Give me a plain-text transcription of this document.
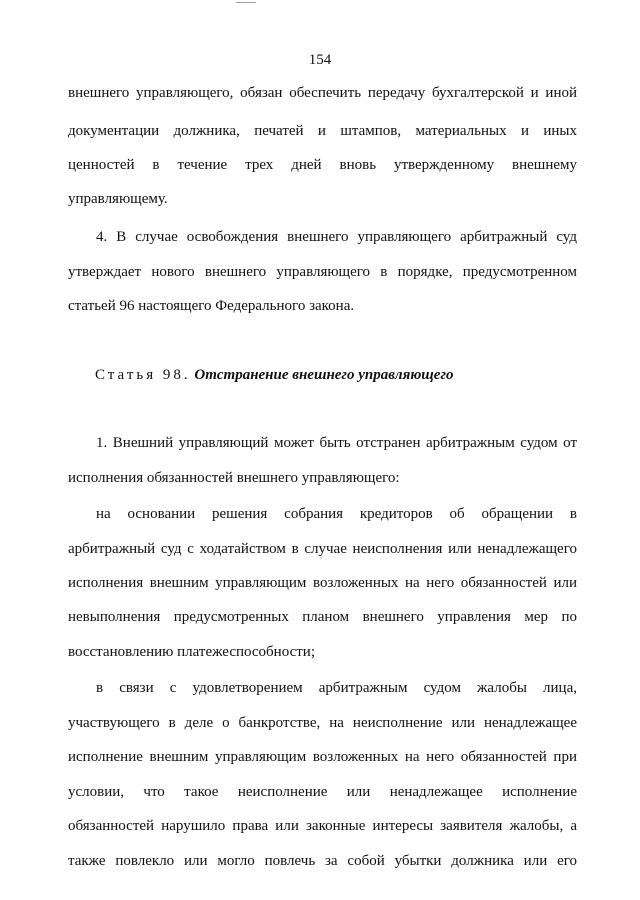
154
внешнего управляющего, обязан обеспечить передачу бухгалтерской и иной
документации должника, печатей и штампов, материальных и иных
ценностей в течение трех дней вновь утвержденному внешнему
управляющему.
4. В случае освобождения внешнего управляющего арбитражный суд
утверждает нового внешнего управляющего в порядке, предусмотренном
статьей 96 настоящего Федерального закона.
Статья 98. Отстранение внешнего управляющего
1. Внешний управляющий может быть отстранен арбитражным судом от
исполнения обязанностей внешнего управляющего:
на основании решения собрания кредиторов об обращении в
арбитражный суд с ходатайством в случае неисполнения или ненадлежащего
исполнения внешним управляющим возложенных на него обязанностей или
невыполнения предусмотренных планом внешнего управления мер по
восстановлению платежеспособности;
в связи с удовлетворением арбитражным судом жалобы лица,
участвующего в деле о банкротстве, на неисполнение или ненадлежащее
исполнение внешним управляющим возложенных на него обязанностей при
условии, что такое неисполнение или ненадлежащее исполнение
обязанностей нарушило права или законные интересы заявителя жалобы, а
также повлекло или могло повлечь за собой убытки должника или его
